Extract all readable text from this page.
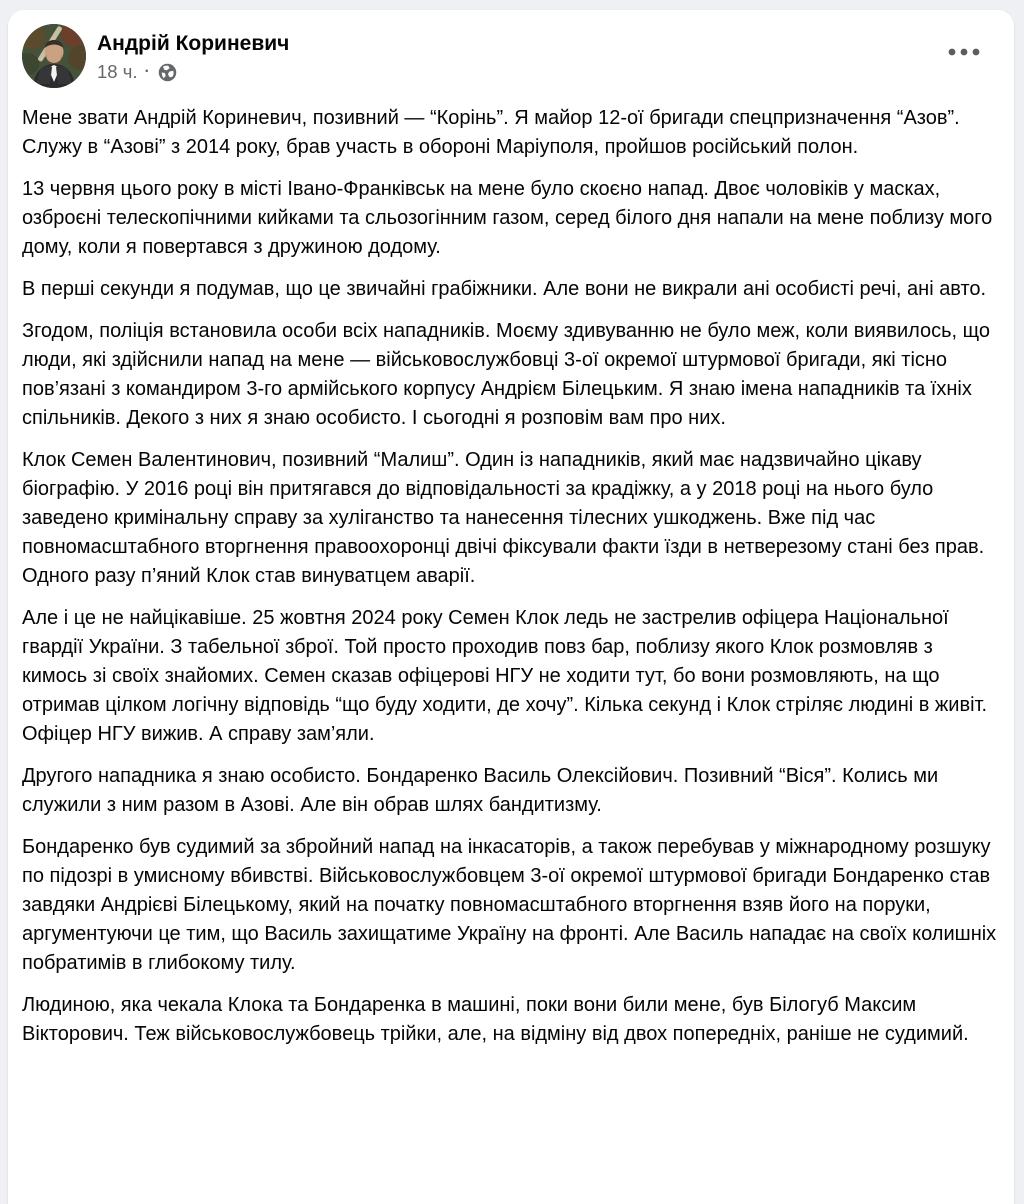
Андрій Кориневич
18 ч. ·

Мене звати Андрій Кориневич, позивний — “Корінь”. Я майор 12-ої бригади спецпризначення “Азов”. Служу в “Азові” з 2014 року, брав участь в обороні Маріуполя, пройшов російський полон.

13 червня цього року в місті Івано-Франківськ на мене було скоєно напад. Двоє чоловіків у масках, озброєні телескопічними кийками та сльозогінним газом, серед білого дня напали на мене поблизу мого дому, коли я повертався з дружиною додому.

В перші секунди я подумав, що це звичайні грабіжники. Але вони не викрали ані особисті речі, ані авто.

Згодом, поліція встановила особи всіх нападників. Моєму здивуванню не було меж, коли виявилось, що люди, які здійснили напад на мене — військовослужбовці 3-ої окремої штурмової бригади, які тісно пов’язані з командиром 3-го армійського корпусу Андрієм Білецьким. Я знаю імена нападників та їхніх спільників. Декого з них я знаю особисто. І сьогодні я розповім вам про них.

Клок Семен Валентинович, позивний “Малиш”. Один із нападників, який має надзвичайно цікаву біографію. У 2016 році він притягався до відповідальності за крадіжку, а у 2018 році на нього було заведено кримінальну справу за хуліганство та нанесення тілесних ушкоджень. Вже під час повномасштабного вторгнення правоохоронці двічі фіксували факти їзди в нетверезому стані без прав. Одного разу п’яний Клок став винуватцем аварії.

Але і це не найцікавіше. 25 жовтня 2024 року Семен Клок ледь не застрелив офіцера Національної гвардії України. З табельної зброї. Той просто проходив повз бар, поблизу якого Клок розмовляв з кимось зі своїх знайомих. Семен сказав офіцерові НГУ не ходити тут, бо вони розмовляють, на що отримав цілком логічну відповідь “що буду ходити, де хочу”. Кілька секунд і Клок стріляє людині в живіт. Офіцер НГУ вижив. А справу зам’яли.

Другого нападника я знаю особисто. Бондаренко Василь Олексійович. Позивний “Віся”. Колись ми служили з ним разом в Азові. Але він обрав шлях бандитизму.

Бондаренко був судимий за збройний напад на інкасаторів, а також перебував у міжнародному розшуку по підозрі в умисному вбивстві. Військовослужбовцем 3-ої окремої штурмової бригади Бондаренко став завдяки Андрієві Білецькому, який на початку повномасштабного вторгнення взяв його на поруки, аргументуючи це тим, що Василь захищатиме Україну на фронті. Але Василь нападає на своїх колишніх побратимів в глибокому тилу.

Людиною, яка чекала Клока та Бондаренка в машині, поки вони били мене, був Білогуб Максим Вікторович. Теж військовослужбовець трійки, але, на відміну від двох попередніх, раніше не судимий.
